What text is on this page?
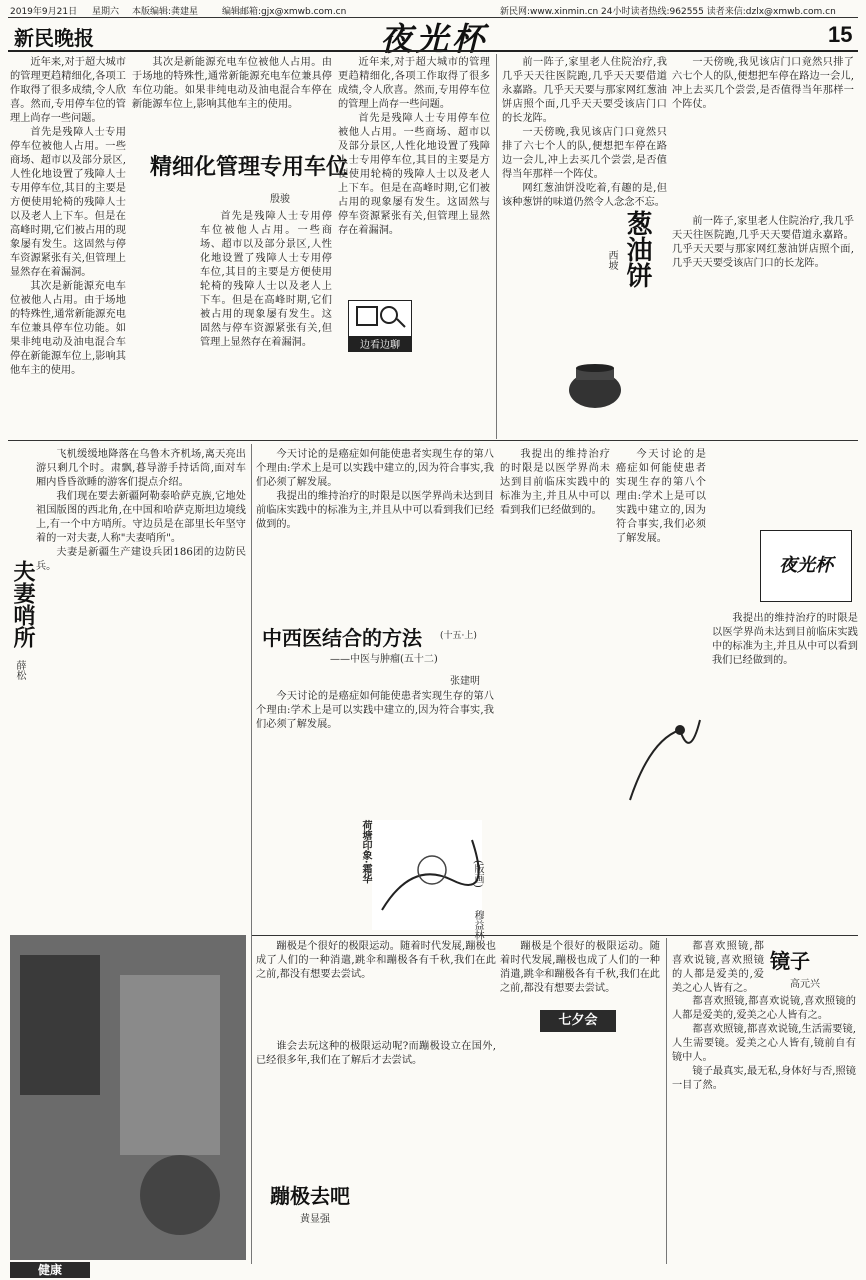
2019年9月21日 星期六 本版编辑:龚建星	编辑邮箱:gjx@xmwb.com.cn	新民网:www.xinmin.cn 24小时读者热线:962555 读者来信:dzlx@xmwb.com.cn
新民晚报	夜光杯	15

近年来,对于超大城市的管理更趋精细化,各项工作取得了很多成绩,令人欣喜。然而,专用停车位的管理上尚存一些问题。

首先是残障人士专用停车位被他人占用。一些商场、超市以及部分景区,人性化地设置了残障人士专用停车位,其目的主要是方便使用轮椅的残障人士以及老人上下车。但是在高峰时期,它们被占用的现象屡有发生。这固然与停车资源紧张有关,但管理上显然存在着漏洞。

其次是新能源充电车位被他人占用。由于场地的特殊性,通常新能源充电车位兼具停车位功能。如果非纯电动及油电混合车停在新能源车位上,影响其他车主的使用。

其次是新能源充电车位被他人占用。由于场地的特殊性,通常新能源充电车位兼具停车位功能。如果非纯电动及油电混合车停在新能源车位上,影响其他车主的使用。

精细化管理专用车位
殷骏

首先是残障人士专用停车位被他人占用。一些商场、超市以及部分景区,人性化地设置了残障人士专用停车位,其目的主要是方便使用轮椅的残障人士以及老人上下车。但是在高峰时期,它们被占用的现象屡有发生。这固然与停车资源紧张有关,但管理上显然存在着漏洞。

近年来,对于超大城市的管理更趋精细化,各项工作取得了很多成绩,令人欣喜。然而,专用停车位的管理上尚存一些问题。

首先是残障人士专用停车位被他人占用。一些商场、超市以及部分景区,人性化地设置了残障人士专用停车位,其目的主要是方便使用轮椅的残障人士以及老人上下车。但是在高峰时期,它们被占用的现象屡有发生。这固然与停车资源紧张有关,但管理上显然存在着漏洞。

边看边聊

前一阵子,家里老人住院治疗,我几乎天天往医院跑,几乎天天要借道永嘉路。几乎天天要与那家网红葱油饼店照个面,几乎天天要受该店门口的长龙阵。

一天傍晚,我见该店门口竟然只排了六七个人的队,便想把车停在路边一会儿,冲上去买几个尝尝,是否值得当年那样一个阵仗。

网红葱油饼没吃着,有趣的是,但该种葱饼的味道仍然令人念念不忘。

一天傍晚,我见该店门口竟然只排了六七个人的队,便想把车停在路边一会儿,冲上去买几个尝尝,是否值得当年那样一个阵仗。

葱油饼
西坡

前一阵子,家里老人住院治疗,我几乎天天往医院跑,几乎天天要借道永嘉路。几乎天天要与那家网红葱油饼店照个面,几乎天天要受该店门口的长龙阵。

飞机缓缓地降落在乌鲁木齐机场,离天亮出游只剩几个时。肃飘,暮导游手持话筒,面对车厢内昏昏欲睡的游客们提点介绍。

我们现在要去新疆阿勒泰哈萨克族,它地处祖国版图的西北角,在中国和哈萨克斯坦边境线上,有一个中方哨所。守边员是在部里长年坚守着的一对夫妻,人称"夫妻哨所"。

夫妻是新疆生产建设兵团186团的边防民兵。

夫妻哨所
薛松

今天讨论的是癌症如何能使患者实现生存的第八个理由:学术上是可以实践中建立的,因为符合事实,我们必须了解发展。

我提出的维持治疗的时限是以医学界尚未达到目前临床实践中的标准为主,并且从中可以看到我们已经做到的。

中西医结合的方法 (十五·上)
——中医与肿瘤(五十二)
张建明

今天讨论的是癌症如何能使患者实现生存的第八个理由:学术上是可以实践中建立的,因为符合事实,我们必须了解发展。

我提出的维持治疗的时限是以医学界尚未达到目前临床实践中的标准为主,并且从中可以看到我们已经做到的。

今天讨论的是癌症如何能使患者实现生存的第八个理由:学术上是可以实践中建立的,因为符合事实,我们必须了解发展。

我提出的维持治疗的时限是以医学界尚未达到目前临床实践中的标准为主,并且从中可以看到我们已经做到的。

夜光杯
荷塘印象·霜华	(版画)
穆益林

蹦极是个很好的极限运动。随着时代发展,蹦极也成了人们的一种消遣,跳伞和蹦极各有千秋,我们在此之前,都没有想要去尝试。

蹦极去吧
黄显强

谁会去玩这种的极限运动呢?而蹦极设立在国外,已经很多年,我们在了解后才去尝试。

蹦极是个很好的极限运动。随着时代发展,蹦极也成了人们的一种消遣,跳伞和蹦极各有千秋,我们在此之前,都没有想要去尝试。

七夕会
健康
镜子
高元兴

都喜欢照镜,都喜欢说镜,喜欢照镜的人都是爱美的,爱美之心人皆有之。

都喜欢照镜,都喜欢说镜,生活需要镜,人生需要镜。爱美之心人皆有,镜前自有镜中人。

镜子最真实,最无私,身体好与否,照镜一目了然。

都喜欢照镜,都喜欢说镜,喜欢照镜的人都是爱美的,爱美之心人皆有之。
